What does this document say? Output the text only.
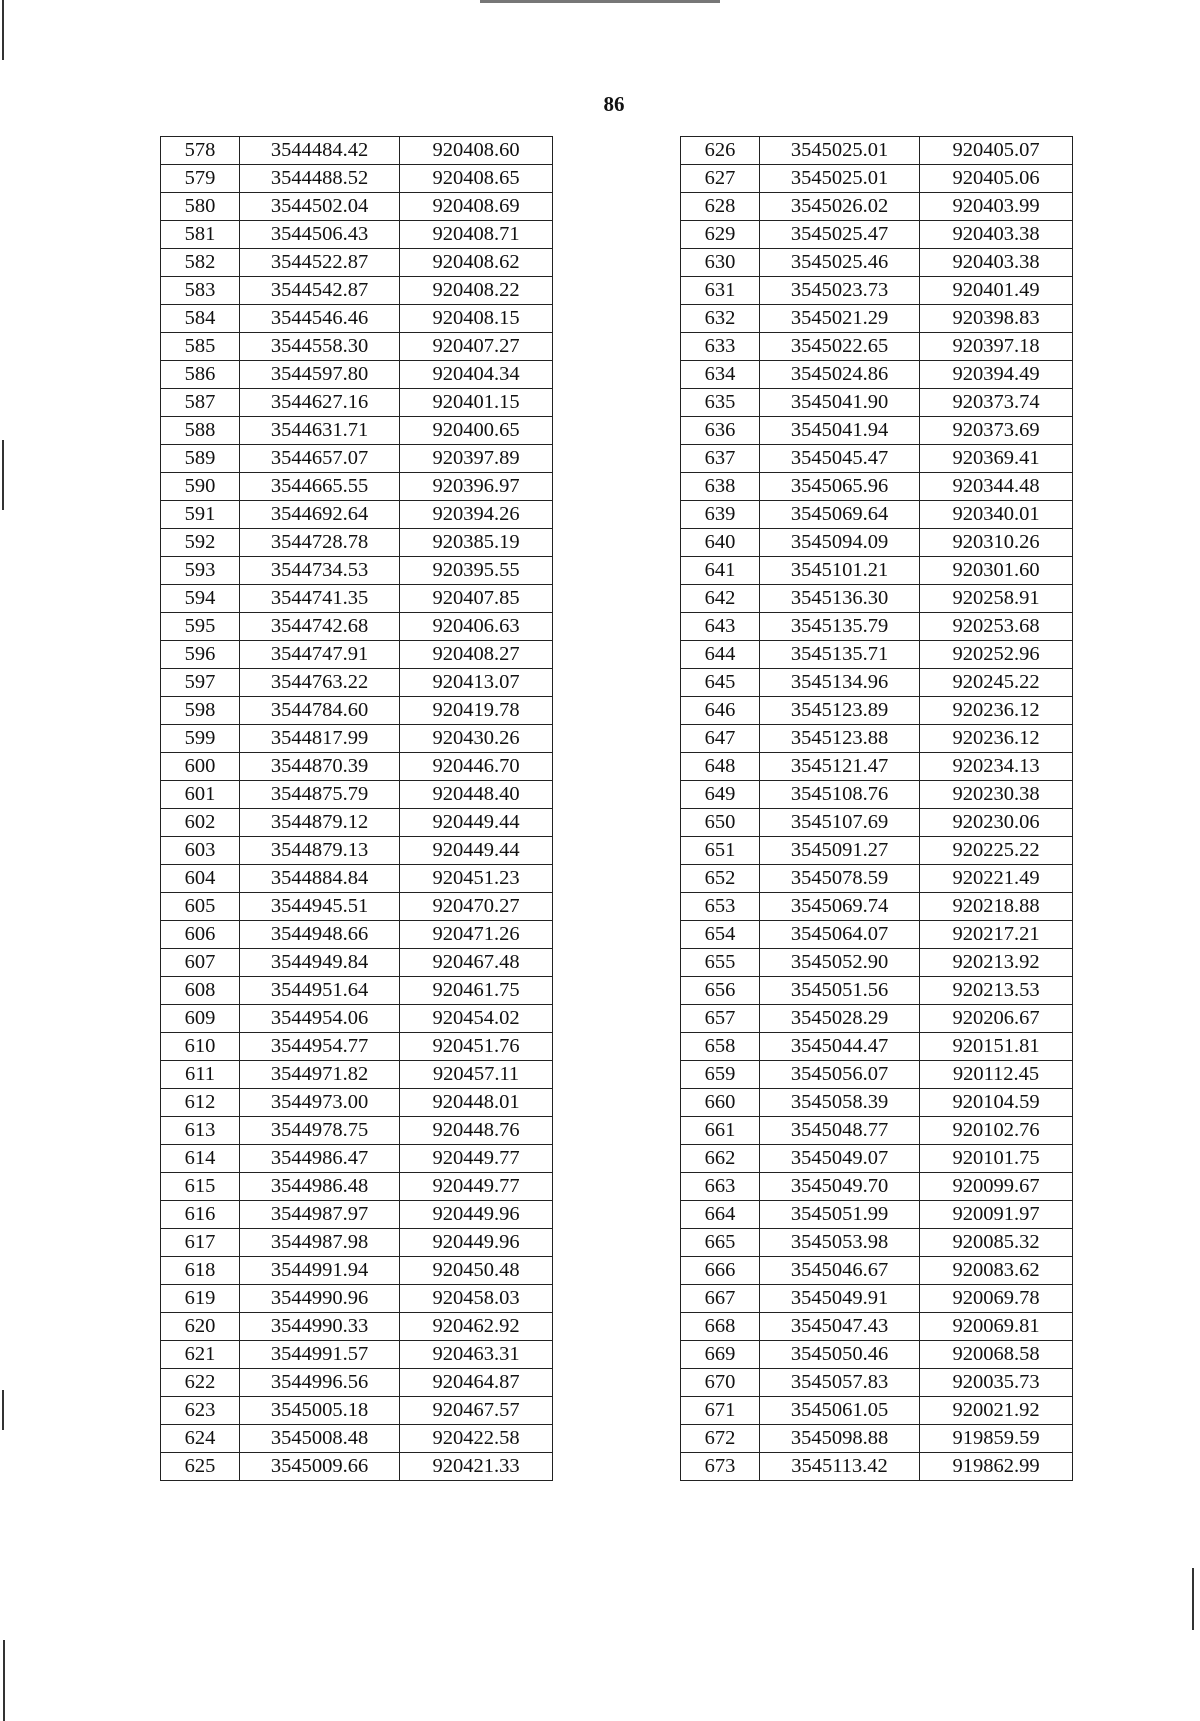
86
578	3544484.42	920408.60
579	3544488.52	920408.65
580	3544502.04	920408.69
581	3544506.43	920408.71
582	3544522.87	920408.62
583	3544542.87	920408.22
584	3544546.46	920408.15
585	3544558.30	920407.27
586	3544597.80	920404.34
587	3544627.16	920401.15
588	3544631.71	920400.65
589	3544657.07	920397.89
590	3544665.55	920396.97
591	3544692.64	920394.26
592	3544728.78	920385.19
593	3544734.53	920395.55
594	3544741.35	920407.85
595	3544742.68	920406.63
596	3544747.91	920408.27
597	3544763.22	920413.07
598	3544784.60	920419.78
599	3544817.99	920430.26
600	3544870.39	920446.70
601	3544875.79	920448.40
602	3544879.12	920449.44
603	3544879.13	920449.44
604	3544884.84	920451.23
605	3544945.51	920470.27
606	3544948.66	920471.26
607	3544949.84	920467.48
608	3544951.64	920461.75
609	3544954.06	920454.02
610	3544954.77	920451.76
611	3544971.82	920457.11
612	3544973.00	920448.01
613	3544978.75	920448.76
614	3544986.47	920449.77
615	3544986.48	920449.77
616	3544987.97	920449.96
617	3544987.98	920449.96
618	3544991.94	920450.48
619	3544990.96	920458.03
620	3544990.33	920462.92
621	3544991.57	920463.31
622	3544996.56	920464.87
623	3545005.18	920467.57
624	3545008.48	920422.58
625	3545009.66	920421.33
626	3545025.01	920405.07
627	3545025.01	920405.06
628	3545026.02	920403.99
629	3545025.47	920403.38
630	3545025.46	920403.38
631	3545023.73	920401.49
632	3545021.29	920398.83
633	3545022.65	920397.18
634	3545024.86	920394.49
635	3545041.90	920373.74
636	3545041.94	920373.69
637	3545045.47	920369.41
638	3545065.96	920344.48
639	3545069.64	920340.01
640	3545094.09	920310.26
641	3545101.21	920301.60
642	3545136.30	920258.91
643	3545135.79	920253.68
644	3545135.71	920252.96
645	3545134.96	920245.22
646	3545123.89	920236.12
647	3545123.88	920236.12
648	3545121.47	920234.13
649	3545108.76	920230.38
650	3545107.69	920230.06
651	3545091.27	920225.22
652	3545078.59	920221.49
653	3545069.74	920218.88
654	3545064.07	920217.21
655	3545052.90	920213.92
656	3545051.56	920213.53
657	3545028.29	920206.67
658	3545044.47	920151.81
659	3545056.07	920112.45
660	3545058.39	920104.59
661	3545048.77	920102.76
662	3545049.07	920101.75
663	3545049.70	920099.67
664	3545051.99	920091.97
665	3545053.98	920085.32
666	3545046.67	920083.62
667	3545049.91	920069.78
668	3545047.43	920069.81
669	3545050.46	920068.58
670	3545057.83	920035.73
671	3545061.05	920021.92
672	3545098.88	919859.59
673	3545113.42	919862.99
